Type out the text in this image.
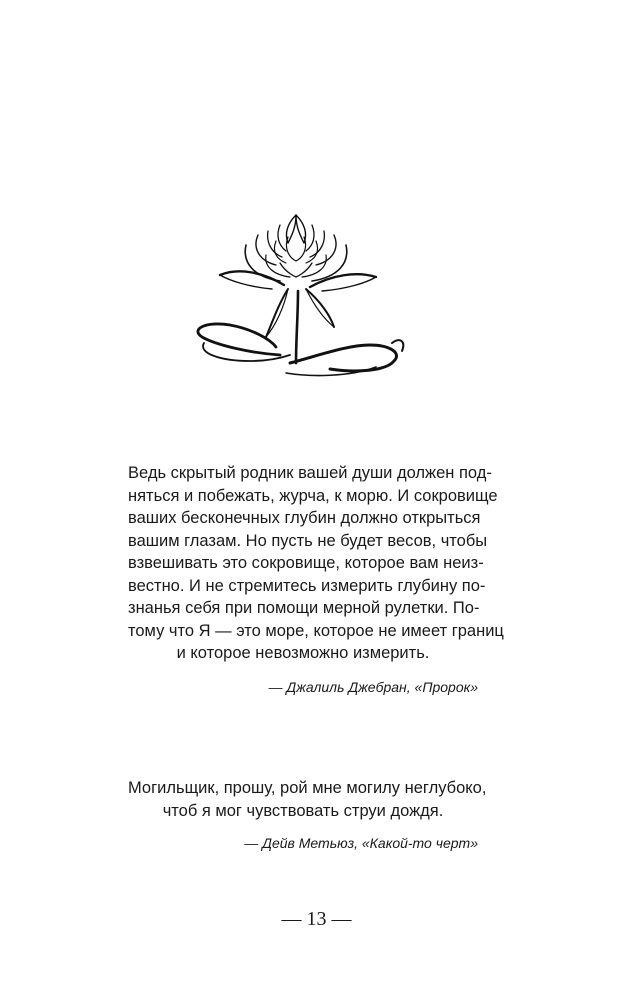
Ведь скрытый родник вашей души должен под-
няться и побежать, журча, к морю. И сокровище
ваших бесконечных глубин должно открыться
вашим глазам. Но пусть не будет весов, чтобы
взвешивать это сокровище, которое вам неиз-
вестно. И не стремитесь измерить глубину по-
знанья себя при помощи мерной рулетки. По-
тому что Я — это море, которое не имеет границ
и которое невозможно измерить.
— Джалиль Джебран, «Пророк»
Могильщик, прошу, рой мне могилу неглубоко,
чтоб я мог чувствовать струи дождя.
— Дейв Метьюз, «Какой-то черт»
— 13 —
